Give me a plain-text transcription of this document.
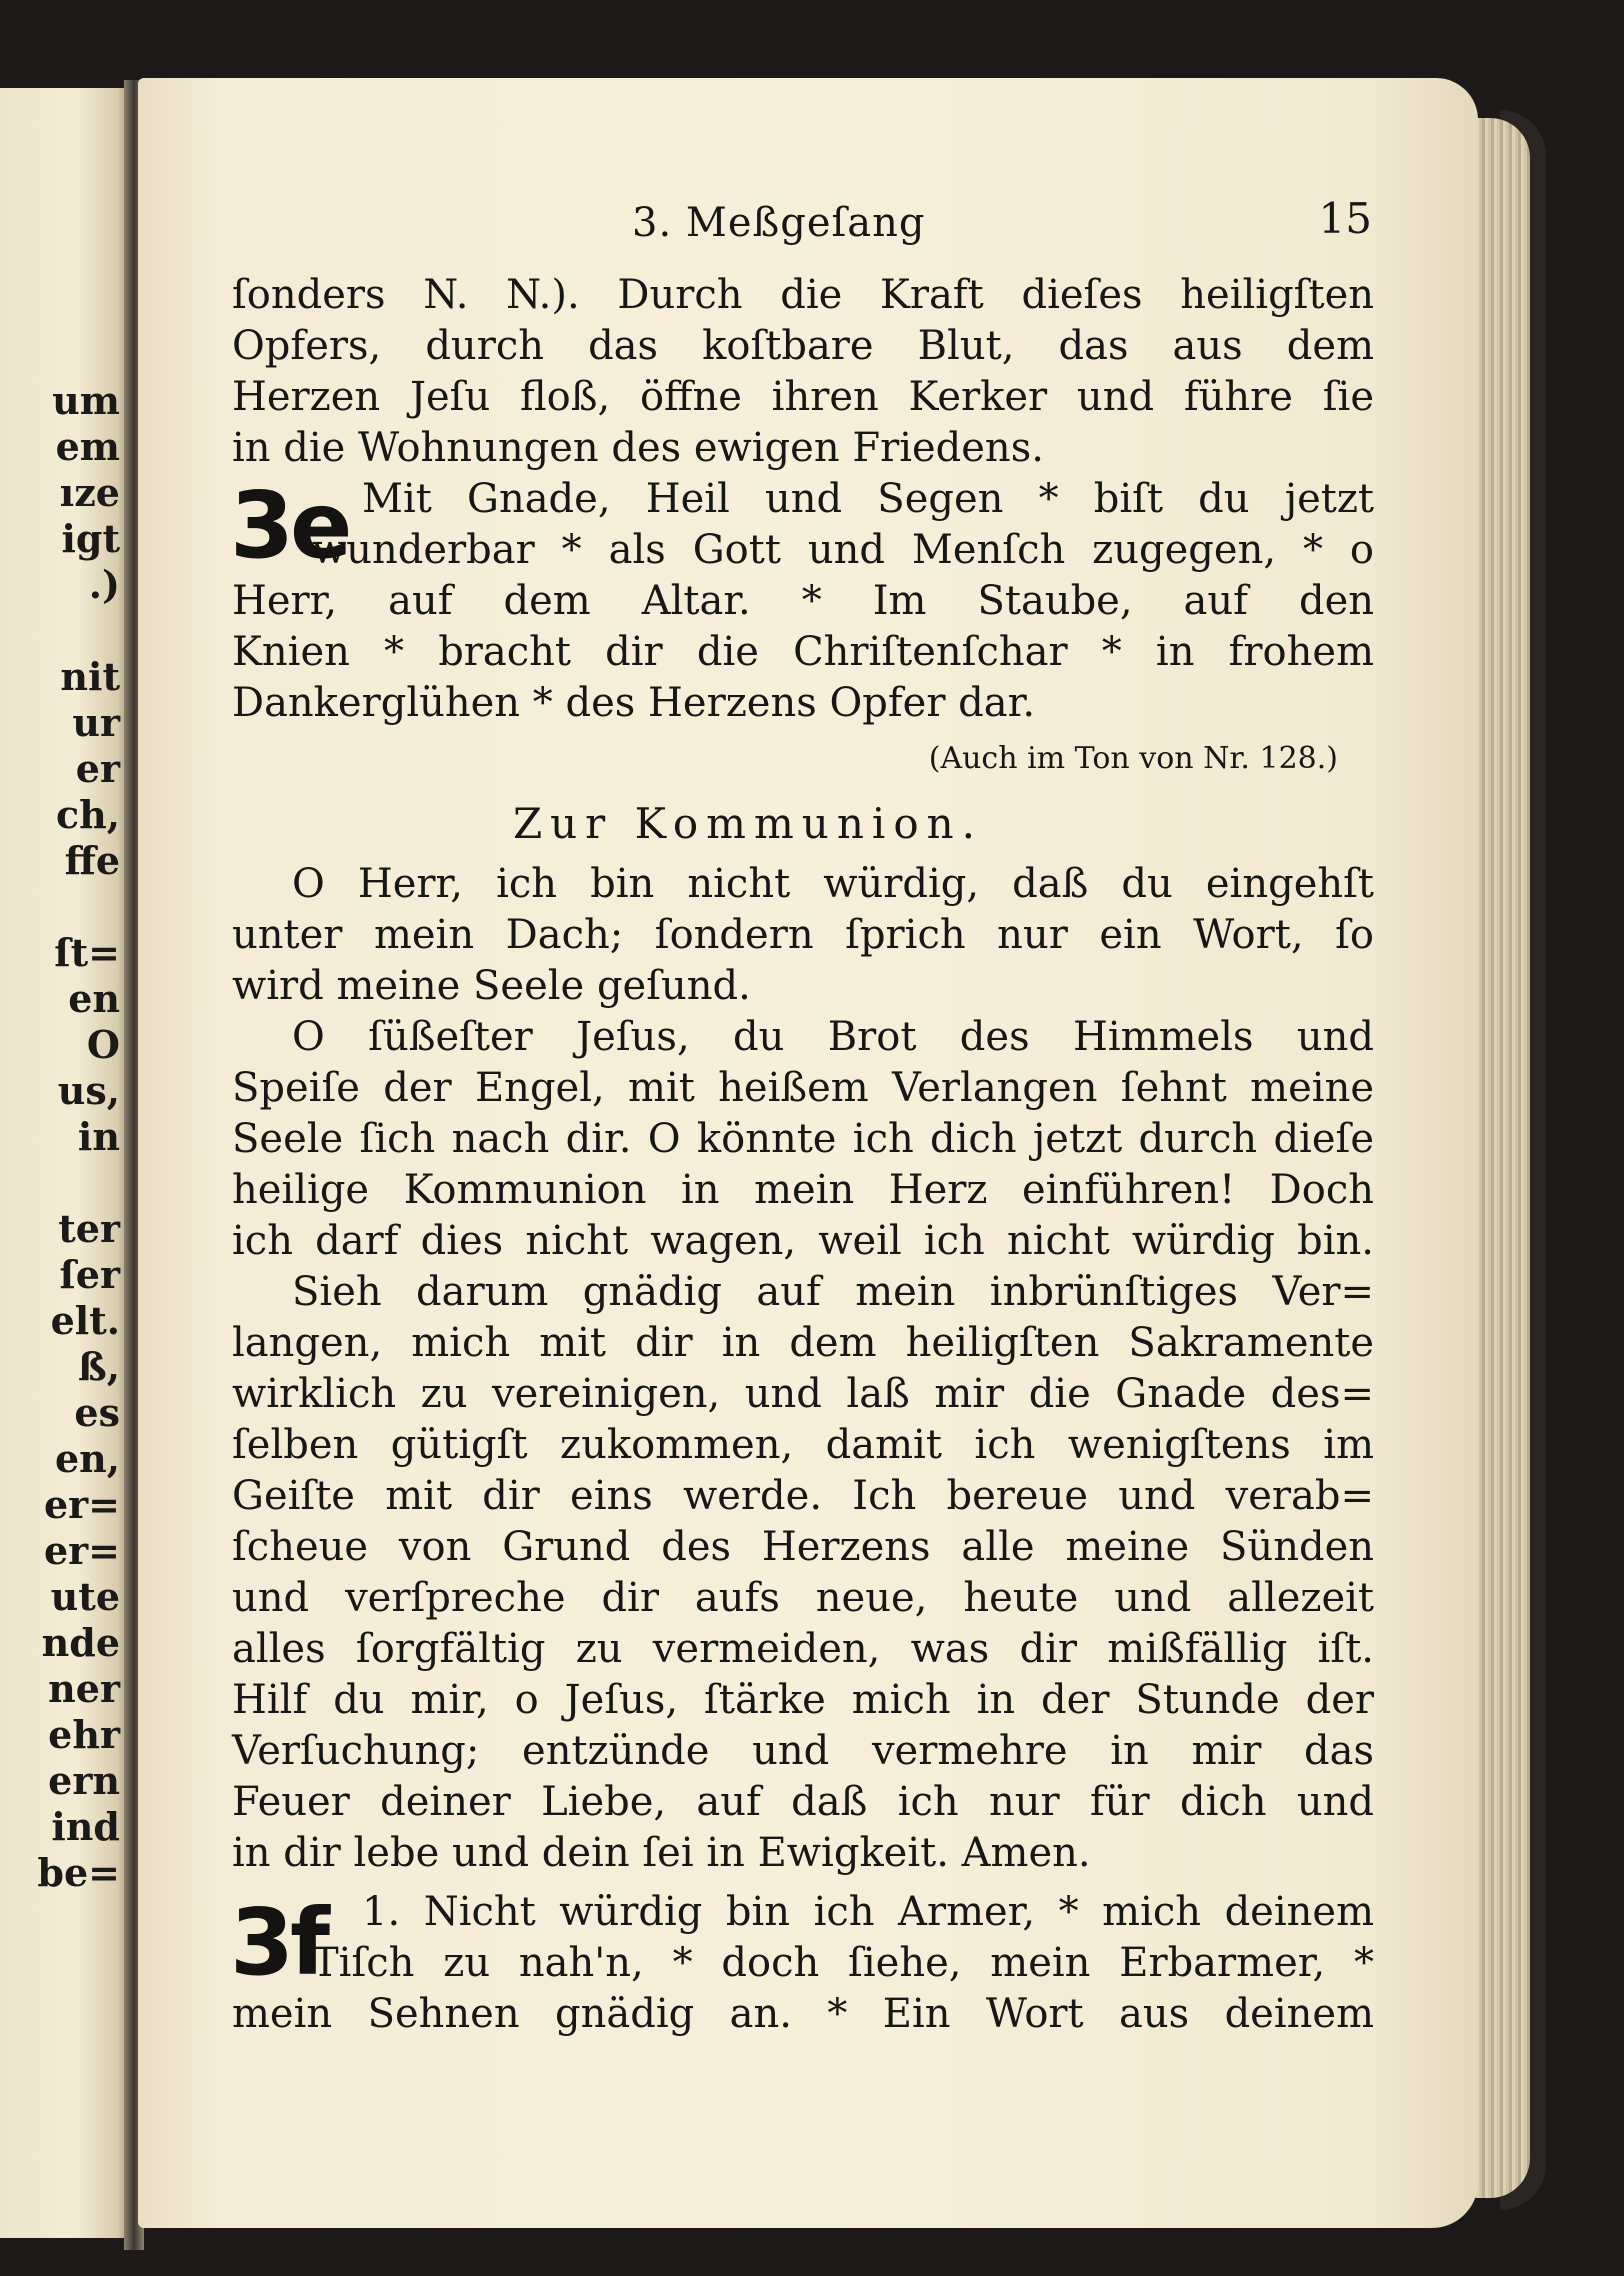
um
em
ıze
igt
.)
nit
ur
er
ch,
ffe
ſt=
en
O
us,
in
ter
ſer
elt.
ß,
es
en,
er=
er=
ute
nde
ner
ehr
ern
ind
be=
3. Meßgeſang	15
ſonders N. N.). Durch die Kraft dieſes heiligſten
Opfers, durch das koſtbare Blut, das aus dem
Herzen Jeſu floß, öffne ihren Kerker und führe ſie
in die Wohnungen des ewigen Friedens.
3e Mit Gnade, Heil und Segen * biſt du jetzt
wunderbar * als Gott und Menſch zugegen, * o
Herr, auf dem Altar. * Im Staube, auf den
Knien * bracht dir die Chriſtenſchar * in frohem
Dankerglühen * des Herzens Opfer dar.
(Auch im Ton von Nr. 128.)
Zur Kommunion.
O Herr, ich bin nicht würdig, daß du eingehſt
unter mein Dach; ſondern ſprich nur ein Wort, ſo
wird meine Seele geſund.
O ſüßeſter Jeſus, du Brot des Himmels und
Speiſe der Engel, mit heißem Verlangen ſehnt meine
Seele ſich nach dir. O könnte ich dich jetzt durch dieſe
heilige Kommunion in mein Herz einführen! Doch
ich darf dies nicht wagen, weil ich nicht würdig bin.
Sieh darum gnädig auf mein inbrünſtiges Ver=
langen, mich mit dir in dem heiligſten Sakramente
wirklich zu vereinigen, und laß mir die Gnade des=
ſelben gütigſt zukommen, damit ich wenigſtens im
Geiſte mit dir eins werde. Ich bereue und verab=
ſcheue von Grund des Herzens alle meine Sünden
und verſpreche dir aufs neue, heute und allezeit
alles ſorgfältig zu vermeiden, was dir mißfällig iſt.
Hilf du mir, o Jeſus, ſtärke mich in der Stunde der
Verſuchung; entzünde und vermehre in mir das
Feuer deiner Liebe, auf daß ich nur für dich und
in dir lebe und dein ſei in Ewigkeit. Amen.
3f 1. Nicht würdig bin ich Armer, * mich deinem
Tiſch zu nah'n, * doch ſiehe, mein Erbarmer, *
mein Sehnen gnädig an. * Ein Wort aus deinem
